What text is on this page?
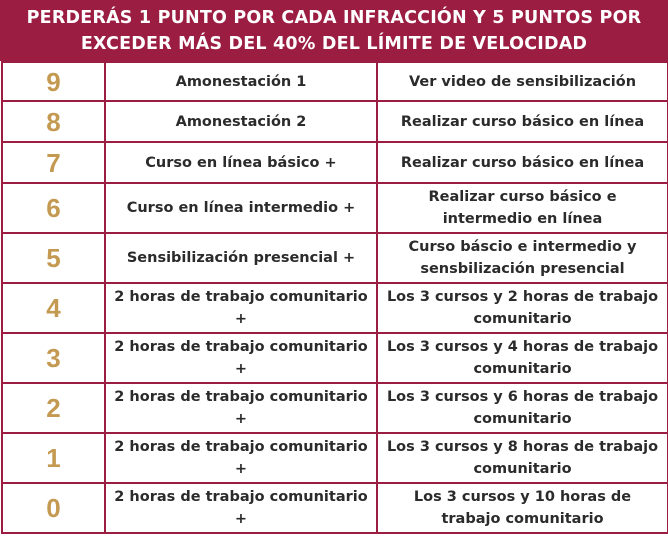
PERDERÁS 1 PUNTO POR CADA INFRACCIÓN Y 5 PUNTOS POR
EXCEDER MÁS DEL 40% DEL LÍMITE DE VELOCIDAD
9	Amonestación 1	Ver video de sensibilización
8	Amonestación 2	Realizar curso básico en línea
7	Curso en línea básico +	Realizar curso básico en línea
6	Curso en línea intermedio +	Realizar curso básico e intermedio en línea
5	Sensibilización presencial +	Curso báscio e intermedio y sensbilización presencial
4	2 horas de trabajo comunitario +	Los 3 cursos y 2 horas de trabajo comunitario
3	2 horas de trabajo comunitario +	Los 3 cursos y 4 horas de trabajo comunitario
2	2 horas de trabajo comunitario +	Los 3 cursos y 6 horas de trabajo comunitario
1	2 horas de trabajo comunitario +	Los 3 cursos y 8 horas de trabajo comunitario
0	2 horas de trabajo comunitario +	Los 3 cursos y 10 horas de trabajo comunitario
